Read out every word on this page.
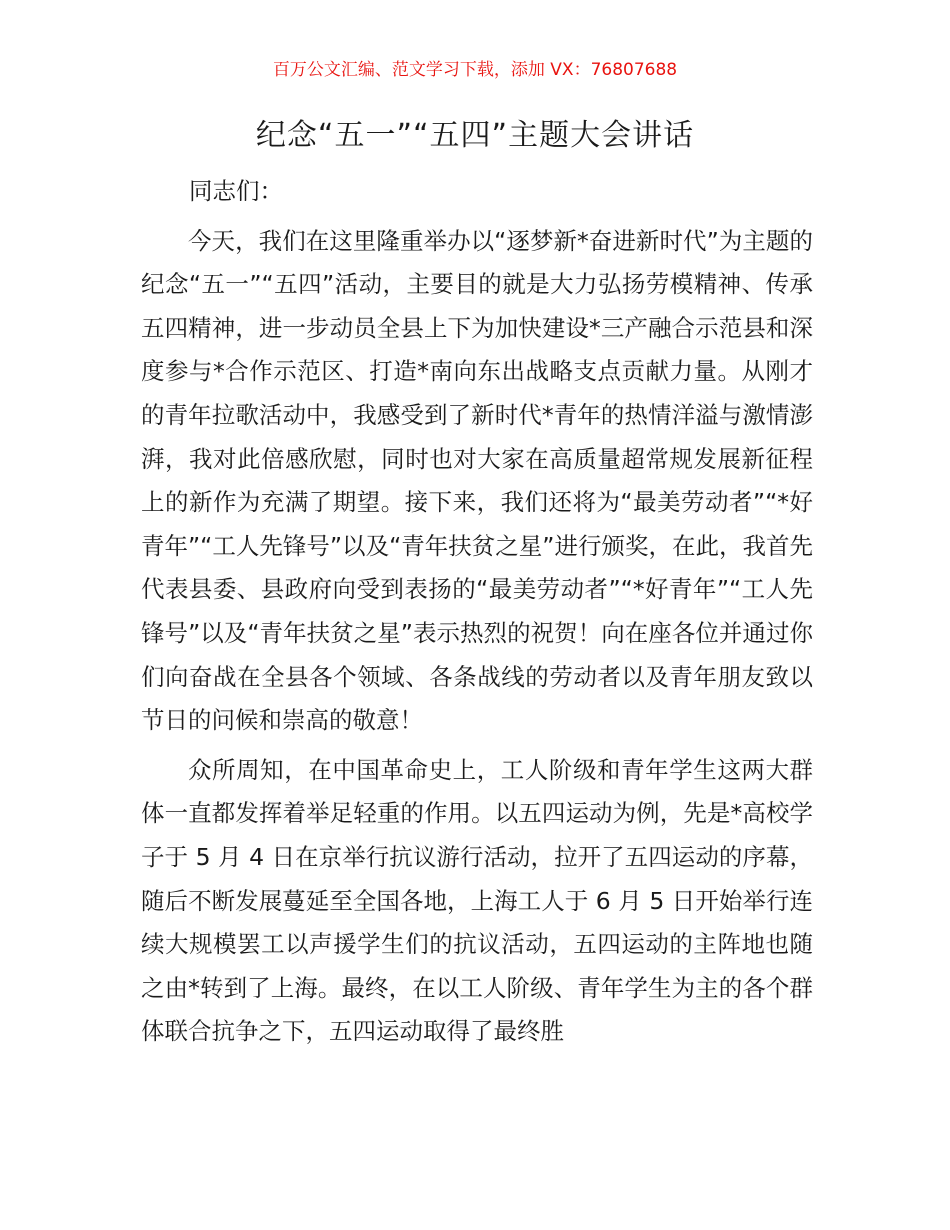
百万公文汇编、范文学习下载，添加 VX：76807688
纪念“五一”“五四”主题大会讲话

同志们：

今天，我们在这里隆重举办以“逐梦新*奋进新时代”为主题的纪念“五一”“五四”活动，主要目的就是大力弘扬劳模精神、传承五四精神，进一步动员全县上下为加快建设*三产融合示范县和深度参与*合作示范区、打造*南向东出战略支点贡献力量。从刚才的青年拉歌活动中，我感受到了新时代*青年的热情洋溢与激情澎湃，我对此倍感欣慰，同时也对大家在高质量超常规发展新征程上的新作为充满了期望。接下来，我们还将为“最美劳动者”“*好青年”“工人先锋号”以及“青年扶贫之星”进行颁奖，在此，我首先代表县委、县政府向受到表扬的“最美劳动者”“*好青年”“工人先锋号”以及“青年扶贫之星”表示热烈的祝贺！向在座各位并通过你们向奋战在全县各个领域、各条战线的劳动者以及青年朋友致以节日的问候和崇高的敬意！

众所周知，在中国革命史上，工人阶级和青年学生这两大群体一直都发挥着举足轻重的作用。以五四运动为例，先是*高校学子于 5 月 4 日在京举行抗议游行活动，拉开了五四运动的序幕，随后不断发展蔓延至全国各地，上海工人于 6 月 5 日开始举行连续大规模罢工以声援学生们的抗议活动，五四运动的主阵地也随之由*转到了上海。最终，在以工人阶级、青年学生为主的各个群体联合抗争之下，五四运动取得了最终胜
